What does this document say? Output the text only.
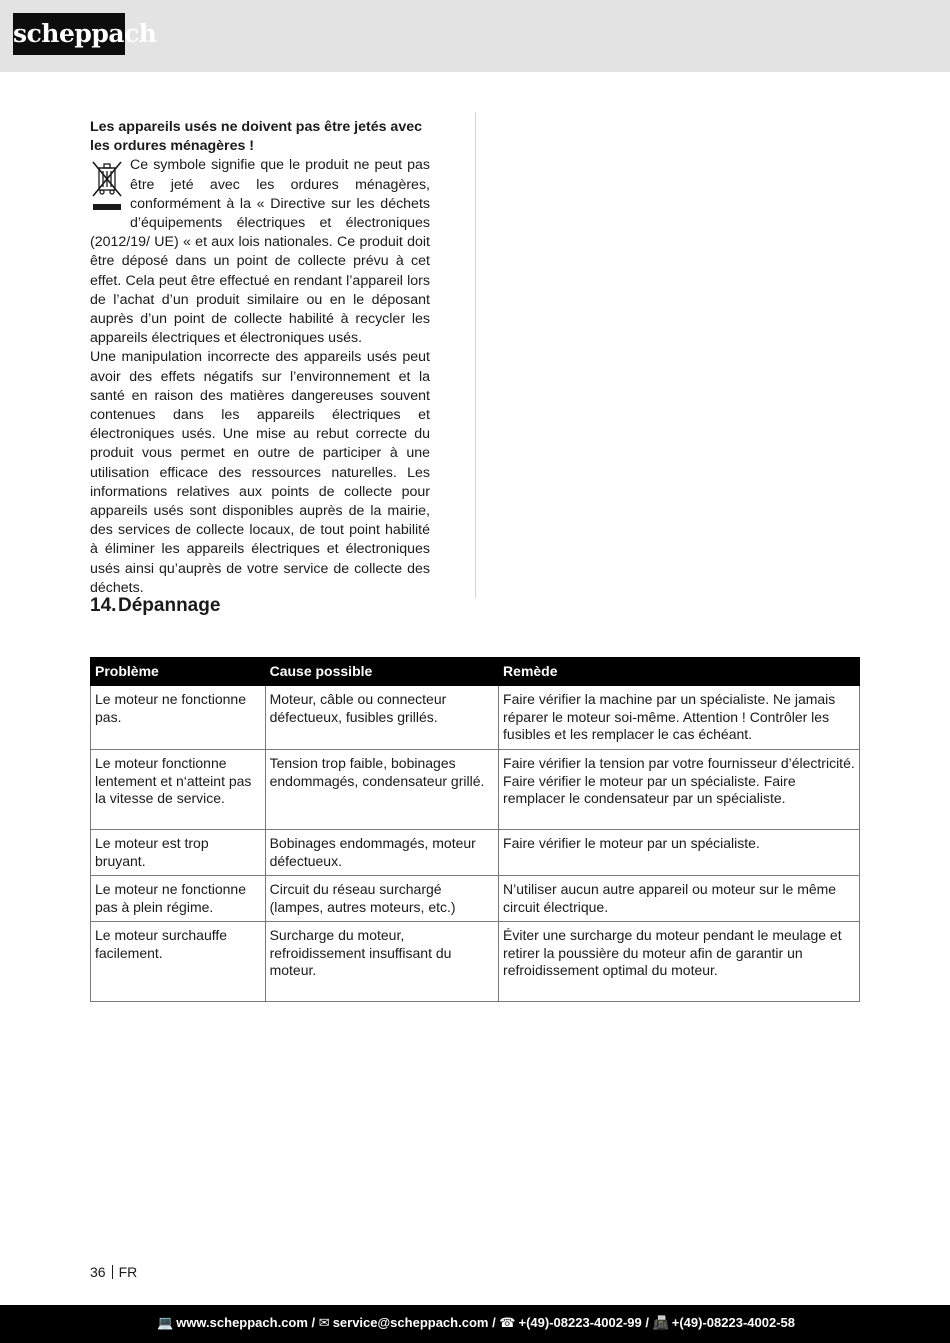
scheppach

Les appareils usés ne doivent pas être jetés avec les ordures ménagères !

Ce symbole signifie que le produit ne peut pas être jeté avec les ordures ménagères, conformément à la « Directive sur les déchets d’équipements électriques et électroniques (2012/19/ UE) « et aux lois nationales. Ce produit doit être déposé dans un point de collecte prévu à cet effet. Cela peut être effectué en rendant l’appareil lors de l’achat d’un produit similaire ou en le déposant auprès d’un point de collecte habilité à recycler les appareils électriques et électroniques usés.

Une manipulation incorrecte des appareils usés peut avoir des effets négatifs sur l’environnement et la santé en raison des matières dangereuses souvent contenues dans les appareils électriques et électroniques usés. Une mise au rebut correcte du produit vous permet en outre de participer à une utilisation efficace des ressources naturelles. Les informations relatives aux points de collecte pour appareils usés sont disponibles auprès de la mairie, des services de collecte locaux, de tout point habilité à éliminer les appareils électriques et électroniques usés ainsi qu’auprès de votre service de collecte des déchets.

14.Dépannage
Problème	Cause possible	Remède
Le moteur ne fonctionne pas.	Moteur, câble ou connecteur défectueux, fusibles grillés.	Faire vérifier la machine par un spécialiste. Ne jamais réparer le moteur soi-même. Attention ! Contrôler les fusibles et les remplacer le cas échéant.
Le moteur fonctionne lentement et n‘atteint pas la vitesse de service.	Tension trop faible, bobinages endommagés, condensateur grillé.	Faire vérifier la tension par votre fournisseur d’électricité. Faire vérifier le moteur par un spécialiste. Faire remplacer le condensateur par un spécialiste.
Le moteur est trop bruyant.	Bobinages endommagés, moteur défectueux.	Faire vérifier le moteur par un spécialiste.
Le moteur ne fonctionne pas à plein régime.	Circuit du réseau surchargé (lampes, autres moteurs, etc.)	N’utiliser aucun autre appareil ou moteur sur le même circuit électrique.
Le moteur surchauffe facilement.	Surcharge du moteur, refroidissement insuffisant du moteur.	Éviter une surcharge du moteur pendant le meulage et retirer la poussière du moteur afin de garantir un refroidissement optimal du moteur.
36 FR
💻 www.scheppach.com / ✉ service@scheppach.com / ☎ +(49)-08223-4002-99 / 📠 +(49)-08223-4002-58
